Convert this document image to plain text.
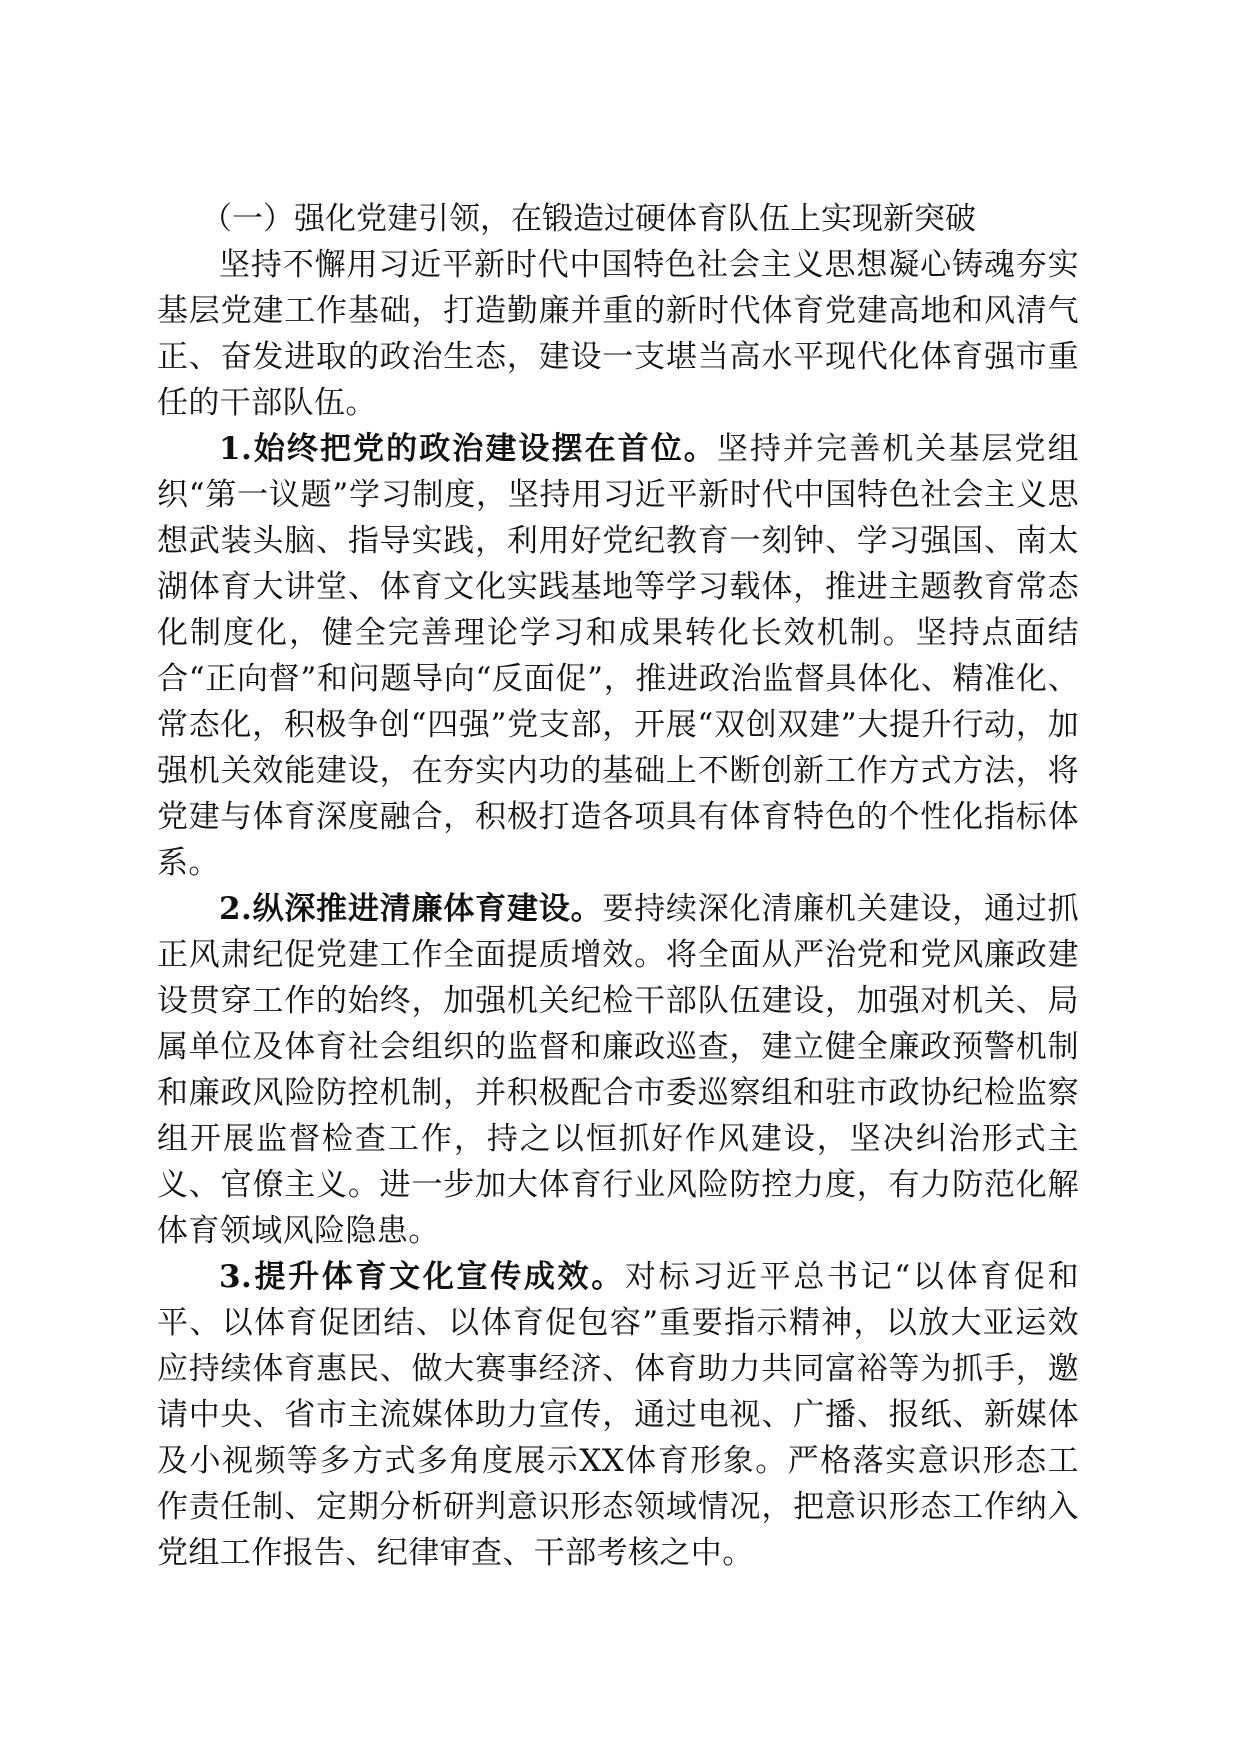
（一）强化党建引领，在锻造过硬体育队伍上实现新突破

坚持不懈用习近平新时代中国特色社会主义思想凝心铸魂夯实基层党建工作基础，打造勤廉并重的新时代体育党建高地和风清气正、奋发进取的政治生态，建设一支堪当高水平现代化体育强市重任的干部队伍。

1.始终把党的政治建设摆在首位。坚持并完善机关基层党组织“第一议题”学习制度，坚持用习近平新时代中国特色社会主义思想武装头脑、指导实践，利用好党纪教育一刻钟、学习强国、南太湖体育大讲堂、体育文化实践基地等学习载体，推进主题教育常态化制度化，健全完善理论学习和成果转化长效机制。坚持点面结合“正向督”和问题导向“反面促”，推进政治监督具体化、精准化、常态化，积极争创“四强”党支部，开展“双创双建”大提升行动，加强机关效能建设，在夯实内功的基础上不断创新工作方式方法，将党建与体育深度融合，积极打造各项具有体育特色的个性化指标体系。

2.纵深推进清廉体育建设。要持续深化清廉机关建设，通过抓正风肃纪促党建工作全面提质增效。将全面从严治党和党风廉政建设贯穿工作的始终，加强机关纪检干部队伍建设，加强对机关、局属单位及体育社会组织的监督和廉政巡查，建立健全廉政预警机制和廉政风险防控机制，并积极配合市委巡察组和驻市政协纪检监察组开展监督检查工作，持之以恒抓好作风建设，坚决纠治形式主义、官僚主义。进一步加大体育行业风险防控力度，有力防范化解体育领域风险隐患。

3.提升体育文化宣传成效。对标习近平总书记“以体育促和平、以体育促团结、以体育促包容”重要指示精神，以放大亚运效应持续体育惠民、做大赛事经济、体育助力共同富裕等为抓手，邀请中央、省市主流媒体助力宣传，通过电视、广播、报纸、新媒体及小视频等多方式多角度展示XX体育形象。严格落实意识形态工作责任制、定期分析研判意识形态领域情况，把意识形态工作纳入党组工作报告、纪律审查、干部考核之中。
